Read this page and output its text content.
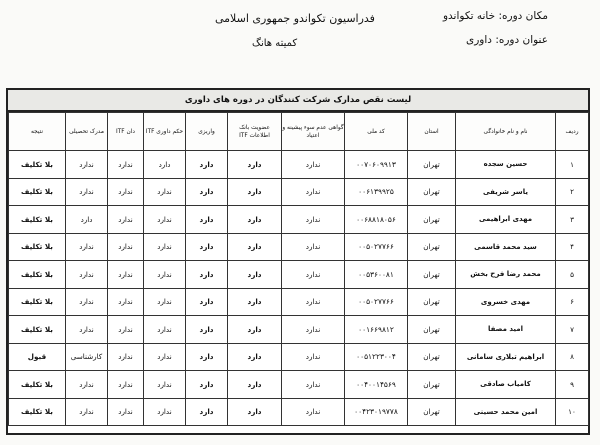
فدراسیون تکواندو جمهوری اسلامی
کمیته هانگ
مکان دوره: خانه تکواندو
عنوان دوره: داوری
لیست نقص مدارک شرکت کنندگان در دوره های داوری
ردیف	نام و نام خانوادگی	استان	کد ملی	گواهی عدم سوء پیشینه و اعتیاد	عضویت بانک اطلاعات ITF	واریزی	حکم داوری ITF	دان ITF	مدرک تحصیلی	نتیجه
۱	حسین سجده	تهران	۰۰۷۰۶۰۹۹۱۳	ندارد	دارد	دارد	دارد	ندارد	ندارد	بلا تکلیف
۲	یاسر شریفی	تهران	۰۰۶۱۳۹۹۲۵	ندارد	دارد	دارد	ندارد	ندارد	ندارد	بلا تکلیف
۳	مهدی ابراهیمی	تهران	۰۰۶۸۸۱۸۰۵۶	ندارد	دارد	دارد	ندارد	ندارد	دارد	بلا تکلیف
۴	سید محمد قاسمی	تهران	۰۰۵۰۲۷۷۶۶	ندارد	دارد	دارد	ندارد	ندارد	ندارد	بلا تکلیف
۵	محمد رضا فرح بخش	تهران	۰۰۵۳۶۰۰۸۱	ندارد	دارد	دارد	ندارد	ندارد	ندارد	بلا تکلیف
۶	مهدی خسروی	تهران	۰۰۵۰۲۷۷۶۶	ندارد	دارد	دارد	ندارد	ندارد	ندارد	بلا تکلیف
۷	امید مصفا	تهران	۰۰۱۶۶۹۸۱۲	ندارد	دارد	دارد	ندارد	ندارد	ندارد	بلا تکلیف
۸	ابراهیم تبلاری سامانی	تهران	۰۰۵۱۲۲۳۰۰۴	ندارد	دارد	دارد	ندارد	ندارد	کارشناسی	قبول
۹	کامیاب صادقی	تهران	۰۰۴۰۰۱۴۵۶۹	ندارد	دارد	دارد	ندارد	ندارد	ندارد	بلا تکلیف
۱۰	امین محمد حسینی	تهران	۰۰۴۲۳۰۱۹۷۷۸	ندارد	دارد	دارد	ندارد	ندارد	ندارد	بلا تکلیف
